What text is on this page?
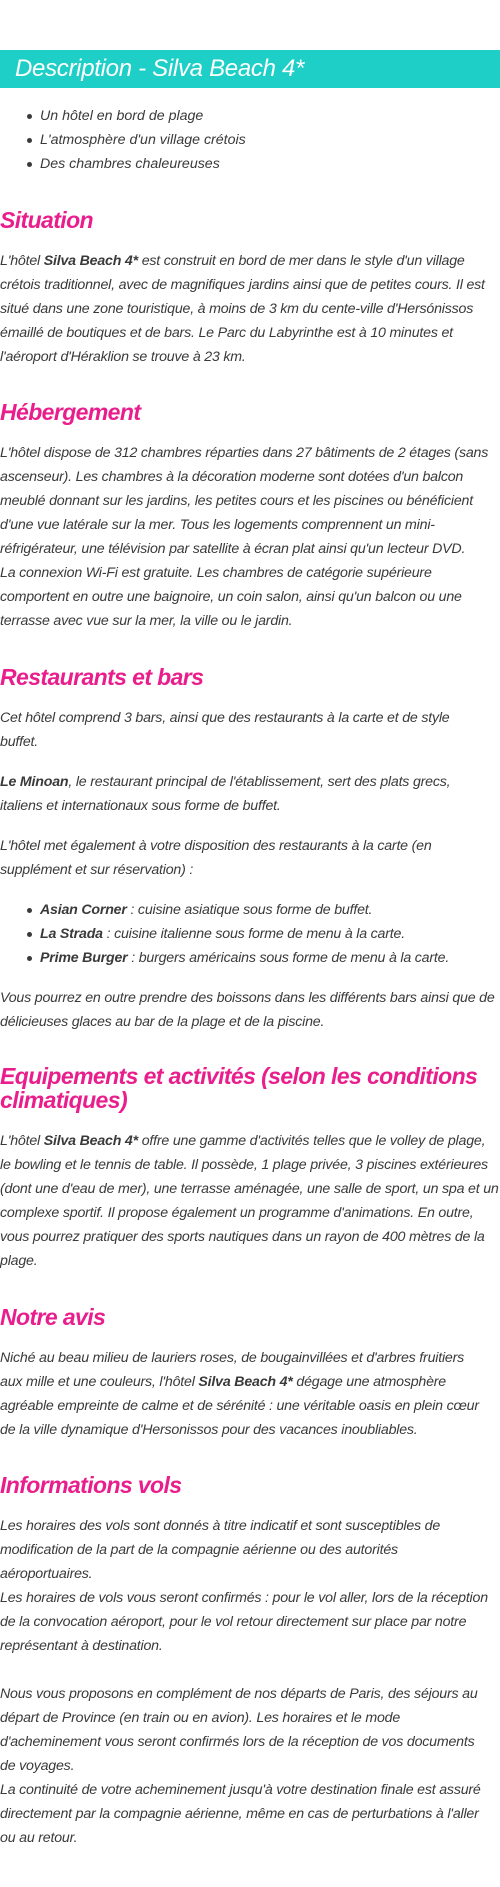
Description - Silva Beach 4*
Un hôtel en bord de plage
L'atmosphère d'un village crétois
Des chambres chaleureuses
Situation

L'hôtel Silva Beach 4* est construit en bord de mer dans le style d'un village
crétois traditionnel, avec de magnifiques jardins ainsi que de petites cours. Il est
situé dans une zone touristique, à moins de 3 km du cente-ville d'Hersónissos
émaillé de boutiques et de bars. Le Parc du Labyrinthe est à 10 minutes et
l'aéroport d'Héraklion se trouve à 23 km.

Hébergement

L'hôtel dispose de 312 chambres réparties dans 27 bâtiments de 2 étages (sans
ascenseur). Les chambres à la décoration moderne sont dotées d'un balcon
meublé donnant sur les jardins, les petites cours et les piscines ou bénéficient
d'une vue latérale sur la mer. Tous les logements comprennent un mini-
réfrigérateur, une télévision par satellite à écran plat ainsi qu'un lecteur DVD.
La connexion Wi-Fi est gratuite. Les chambres de catégorie supérieure
comportent en outre une baignoire, un coin salon, ainsi qu'un balcon ou une
terrasse avec vue sur la mer, la ville ou le jardin.

Restaurants et bars

Cet hôtel comprend 3 bars, ainsi que des restaurants à la carte et de style
buffet.

Le Minoan, le restaurant principal de l'établissement, sert des plats grecs,
italiens et internationaux sous forme de buffet.

L'hôtel met également à votre disposition des restaurants à la carte (en
supplément et sur réservation) :

Asian Corner : cuisine asiatique sous forme de buffet.
La Strada : cuisine italienne sous forme de menu à la carte.
Prime Burger : burgers américains sous forme de menu à la carte.

Vous pourrez en outre prendre des boissons dans les différents bars ainsi que de
délicieuses glaces au bar de la plage et de la piscine.

Equipements et activités (selon les conditions
climatiques)

L'hôtel Silva Beach 4* offre une gamme d'activités telles que le volley de plage,
le bowling et le tennis de table. Il possède, 1 plage privée, 3 piscines extérieures
(dont une d'eau de mer), une terrasse aménagée, une salle de sport, un spa et un
complexe sportif. Il propose également un programme d'animations. En outre,
vous pourrez pratiquer des sports nautiques dans un rayon de 400 mètres de la
plage.

Notre avis

Niché au beau milieu de lauriers roses, de bougainvillées et d'arbres fruitiers
aux mille et une couleurs, l'hôtel Silva Beach 4* dégage une atmosphère
agréable empreinte de calme et de sérénité : une véritable oasis en plein cœur
de la ville dynamique d'Hersonissos pour des vacances inoubliables.

Informations vols

Les horaires des vols sont donnés à titre indicatif et sont susceptibles de
modification de la part de la compagnie aérienne ou des autorités
aéroportuaires.
Les horaires de vols vous seront confirmés : pour le vol aller, lors de la réception
de la convocation aéroport, pour le vol retour directement sur place par notre
représentant à destination.

Nous vous proposons en complément de nos départs de Paris, des séjours au
départ de Province (en train ou en avion). Les horaires et le mode
d'acheminement vous seront confirmés lors de la réception de vos documents
de voyages.
La continuité de votre acheminement jusqu'à votre destination finale est assuré
directement par la compagnie aérienne, même en cas de perturbations à l'aller
ou au retour.
